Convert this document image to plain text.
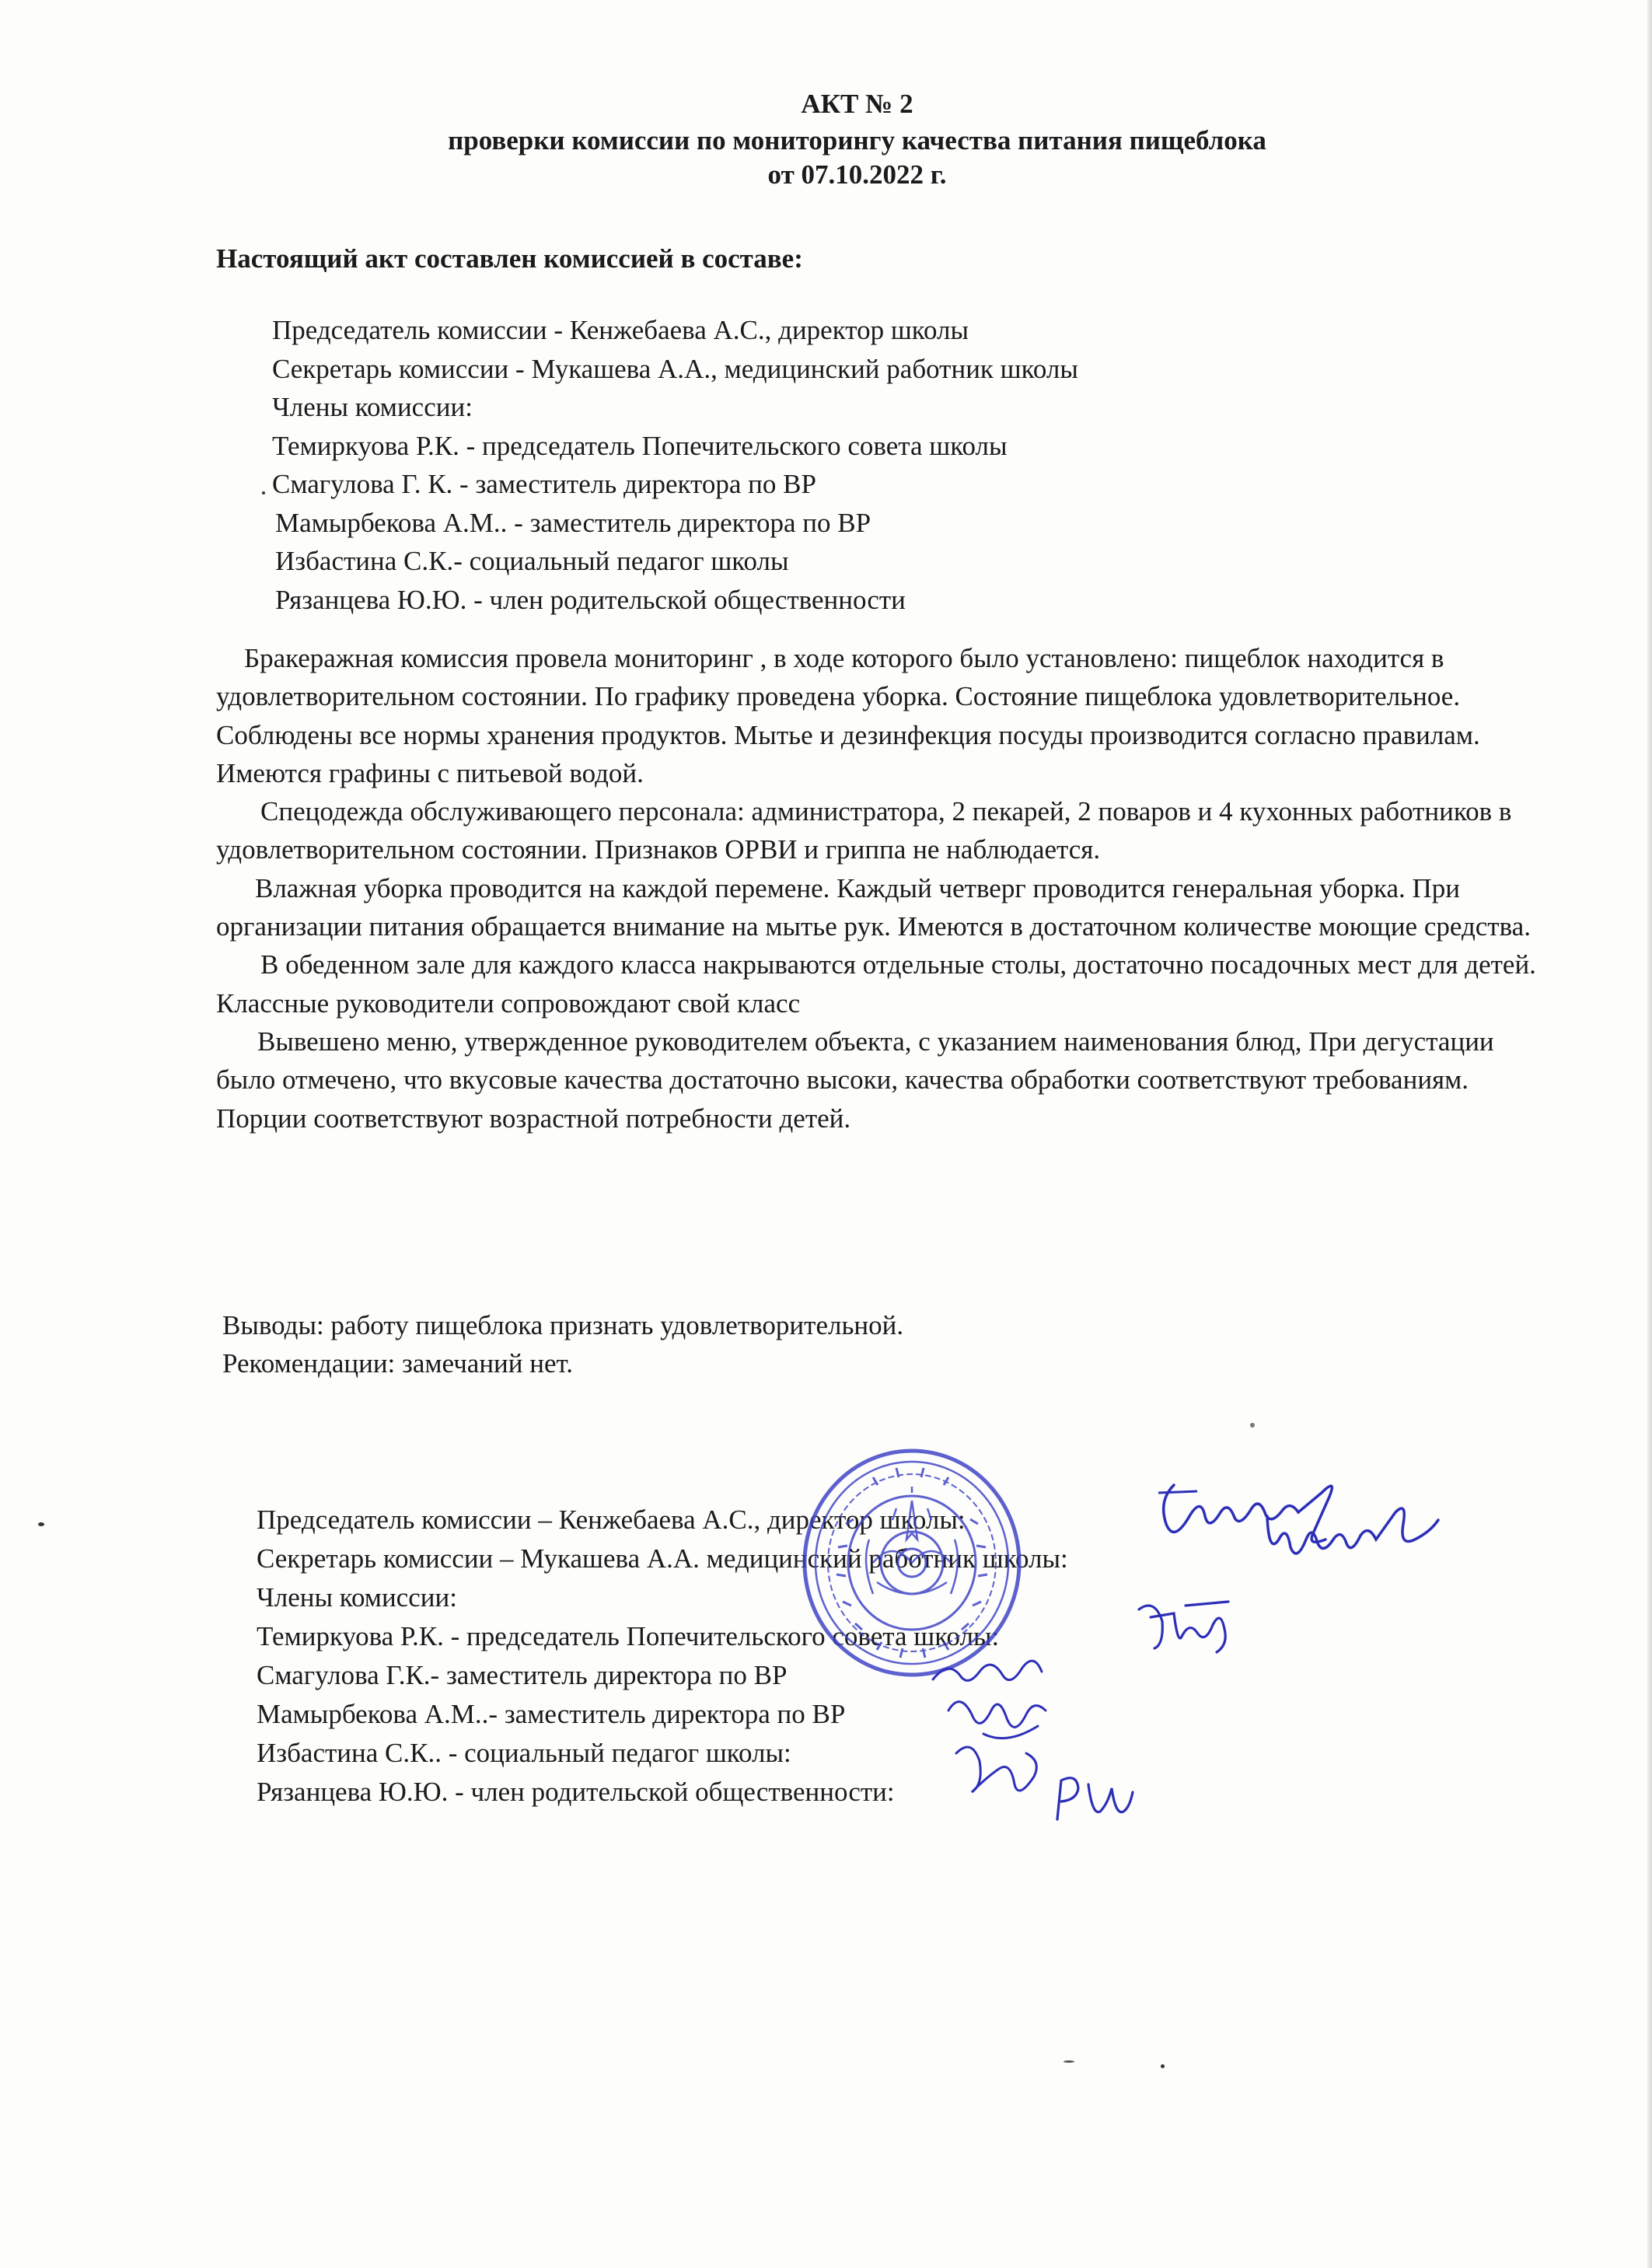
АКТ № 2
проверки комиссии по мониторингу качества питания пищеблока
от 07.10.2022 г.
Настоящий акт составлен комиссией в составе:
Председатель комиссии - Кенжебаева А.С., директор школы
Секретарь комиссии - Мукашева А.А., медицинский работник школы
Члены комиссии:
Темиркуова Р.К. - председатель Попечительского совета школы
Смагулова Г. К. - заместитель директора по ВР
Мамырбекова А.М.. - заместитель директора по ВР
Избастина С.К.- социальный педагог школы
Рязанцева Ю.Ю. - член родительской общественности

Бракеражная комиссия провела мониторинг , в ходе которого было установлено: пищеблок находится в удовлетворительном состоянии. По графику проведена уборка. Состояние пищеблока удовлетворительное. Соблюдены все нормы хранения продуктов. Мытье и дезинфекция посуды производится согласно правилам. Имеются графины с питьевой водой.

Спецодежда обслуживающего персонала: администратора, 2 пекарей, 2 поваров и 4 кухонных работников в удовлетворительном состоянии. Признаков ОРВИ и гриппа не наблюдается.

Влажная уборка проводится на каждой перемене. Каждый четверг проводится генеральная уборка. При организации питания обращается внимание на мытье рук. Имеются в достаточном количестве моющие средства.

В обеденном зале для каждого класса накрываются отдельные столы, достаточно посадочных мест для детей. Классные руководители сопровождают свой класс

Вывешено меню, утвержденное руководителем объекта, с указанием наименования блюд, При дегустации было отмечено, что вкусовые качества достаточно высоки, качества обработки соответствуют требованиям. Порции соответствуют возрастной потребности детей.

Выводы: работу пищеблока признать удовлетворительной.
Рекомендации: замечаний нет.
Председатель комиссии – Кенжебаева А.С., директор школы:
Секретарь комиссии – Мукашева А.А. медицинский работник школы:
Члены комиссии:
Темиркуова Р.К. - председатель Попечительского совета школы:
Смагулова Г.К.- заместитель директора по ВР
Мамырбекова А.М..- заместитель директора по ВР
Избастина С.К.. - социальный педагог школы:
Рязанцева Ю.Ю. - член родительской общественности:
